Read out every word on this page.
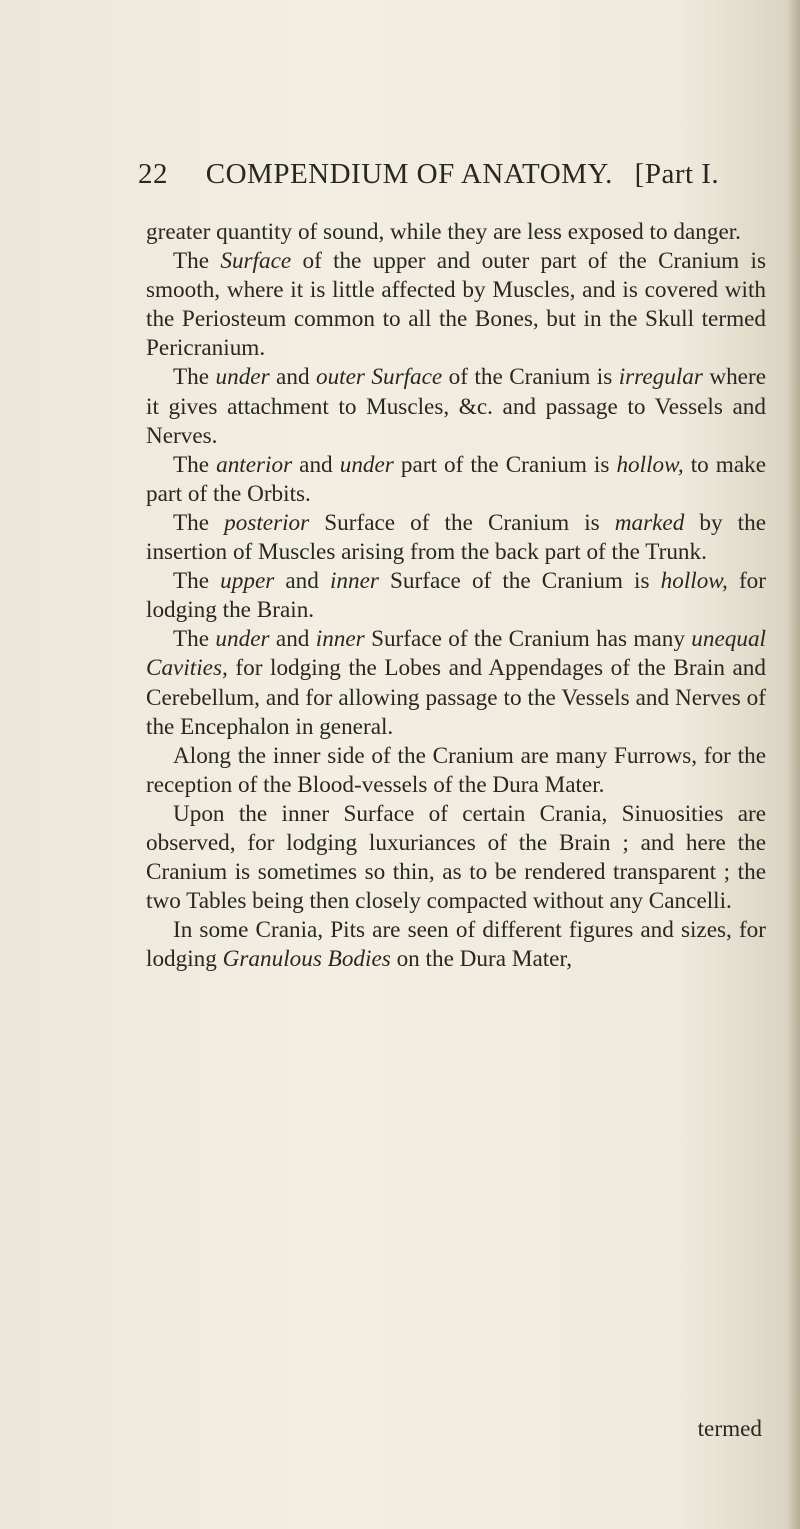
22 COMPENDIUM OF ANATOMY. [Part I.

greater quantity of sound, while they are less exposed to danger.

The Surface of the upper and outer part of the Cranium is smooth, where it is little affected by Muscles, and is covered with the Periosteum common to all the Bones, but in the Skull termed Pericranium.

The under and outer Surface of the Cranium is irregular where it gives attachment to Muscles, &c. and passage to Vessels and Nerves.

The anterior and under part of the Cranium is hollow, to make part of the Orbits.

The posterior Surface of the Cranium is marked by the insertion of Muscles arising from the back part of the Trunk.

The upper and inner Surface of the Cranium is hollow, for lodging the Brain.

The under and inner Surface of the Cranium has many unequal Cavities, for lodging the Lobes and Appendages of the Brain and Cerebellum, and for allowing passage to the Vessels and Nerves of the Encephalon in general.

Along the inner side of the Cranium are many Furrows, for the reception of the Blood-vessels of the Dura Mater.

Upon the inner Surface of certain Crania, Sinuosities are observed, for lodging luxuriances of the Brain ; and here the Cranium is sometimes so thin, as to be rendered transparent ; the two Tables being then closely compacted without any Cancelli.

In some Crania, Pits are seen of different figures and sizes, for lodging Granulous Bodies on the Dura Mater,

termed
